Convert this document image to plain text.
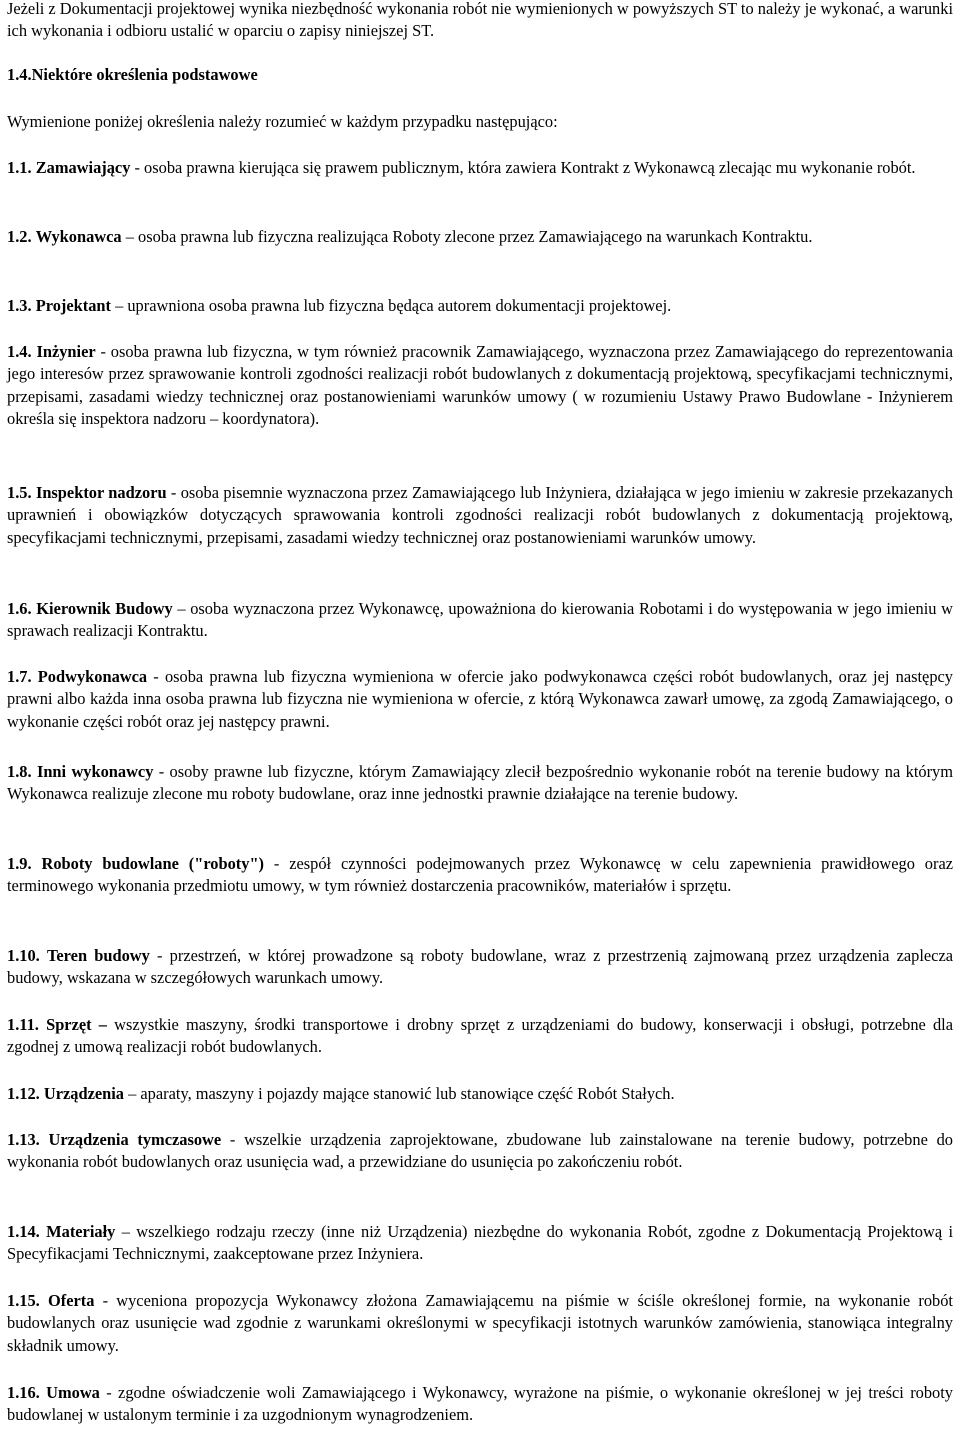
Jeżeli z Dokumentacji projektowej wynika niezbędność wykonania robót nie wymienionych w powyższych ST to należy je wykonać, a warunki ich wykonania i odbioru ustalić w oparciu o zapisy niniejszej ST.

1.4.Niektóre określenia podstawowe

Wymienione poniżej określenia należy rozumieć w każdym przypadku następująco:

1.1. Zamawiający - osoba prawna kierująca się prawem publicznym, która zawiera Kontrakt z Wykonawcą zlecając mu wykonanie robót.

1.2. Wykonawca – osoba prawna lub fizyczna realizująca Roboty zlecone przez Zamawiającego na warunkach Kontraktu.

1.3. Projektant – uprawniona osoba prawna lub fizyczna będąca autorem dokumentacji projektowej.

1.4. Inżynier - osoba prawna lub fizyczna, w tym również pracownik Zamawiającego, wyznaczona przez Zamawiającego do reprezentowania jego interesów przez sprawowanie kontroli zgodności realizacji robót budowlanych z dokumentacją projektową, specyfikacjami technicznymi, przepisami, zasadami wiedzy technicznej oraz postanowieniami warunków umowy ( w rozumieniu Ustawy Prawo Budowlane - Inżynierem określa się inspektora nadzoru – koordynatora).

1.5. Inspektor nadzoru - osoba pisemnie wyznaczona przez Zamawiającego lub Inżyniera, działająca w jego imieniu w zakresie przekazanych uprawnień i obowiązków dotyczących sprawowania kontroli zgodności realizacji robót budowlanych z dokumentacją projektową, specyfikacjami technicznymi, przepisami, zasadami wiedzy technicznej oraz postanowieniami warunków umowy.

1.6. Kierownik Budowy – osoba wyznaczona przez Wykonawcę, upoważniona do kierowania Robotami i do występowania w jego imieniu w sprawach realizacji Kontraktu.

1.7. Podwykonawca - osoba prawna lub fizyczna wymieniona w ofercie jako podwykonawca części robót budowlanych, oraz jej następcy prawni albo każda inna osoba prawna lub fizyczna nie wymieniona w ofercie, z którą Wykonawca zawarł umowę, za zgodą Zamawiającego, o wykonanie części robót oraz jej następcy prawni.

1.8. Inni wykonawcy - osoby prawne lub fizyczne, którym Zamawiający zlecił bezpośrednio wykonanie robót na terenie budowy na którym Wykonawca realizuje zlecone mu roboty budowlane, oraz inne jednostki prawnie działające na terenie budowy.

1.9. Roboty budowlane ("roboty") - zespół czynności podejmowanych przez Wykonawcę w celu zapewnienia prawidłowego oraz terminowego wykonania przedmiotu umowy, w tym również dostarczenia pracowników, materiałów i sprzętu.

1.10. Teren budowy - przestrzeń, w której prowadzone są roboty budowlane, wraz z przestrzenią zajmowaną przez urządzenia zaplecza budowy, wskazana w szczegółowych warunkach umowy.

1.11. Sprzęt – wszystkie maszyny, środki transportowe i drobny sprzęt z urządzeniami do budowy, konserwacji i obsługi, potrzebne dla zgodnej z umową realizacji robót budowlanych.

1.12. Urządzenia – aparaty, maszyny i pojazdy mające stanowić lub stanowiące część Robót Stałych.

1.13. Urządzenia tymczasowe - wszelkie urządzenia zaprojektowane, zbudowane lub zainstalowane na terenie budowy, potrzebne do wykonania robót budowlanych oraz usunięcia wad, a przewidziane do usunięcia po zakończeniu robót.

1.14. Materiały – wszelkiego rodzaju rzeczy (inne niż Urządzenia) niezbędne do wykonania Robót, zgodne z Dokumentacją Projektową i Specyfikacjami Technicznymi, zaakceptowane przez Inżyniera.

1.15. Oferta - wyceniona propozycja Wykonawcy złożona Zamawiającemu na piśmie w ściśle określonej formie, na wykonanie robót budowlanych oraz usunięcie wad zgodnie z warunkami określonymi w specyfikacji istotnych warunków zamówienia, stanowiąca integralny składnik umowy.

1.16. Umowa - zgodne oświadczenie woli Zamawiającego i Wykonawcy, wyrażone na piśmie, o wykonanie określonej w jej treści roboty budowlanej w ustalonym terminie i za uzgodnionym wynagrodzeniem.
